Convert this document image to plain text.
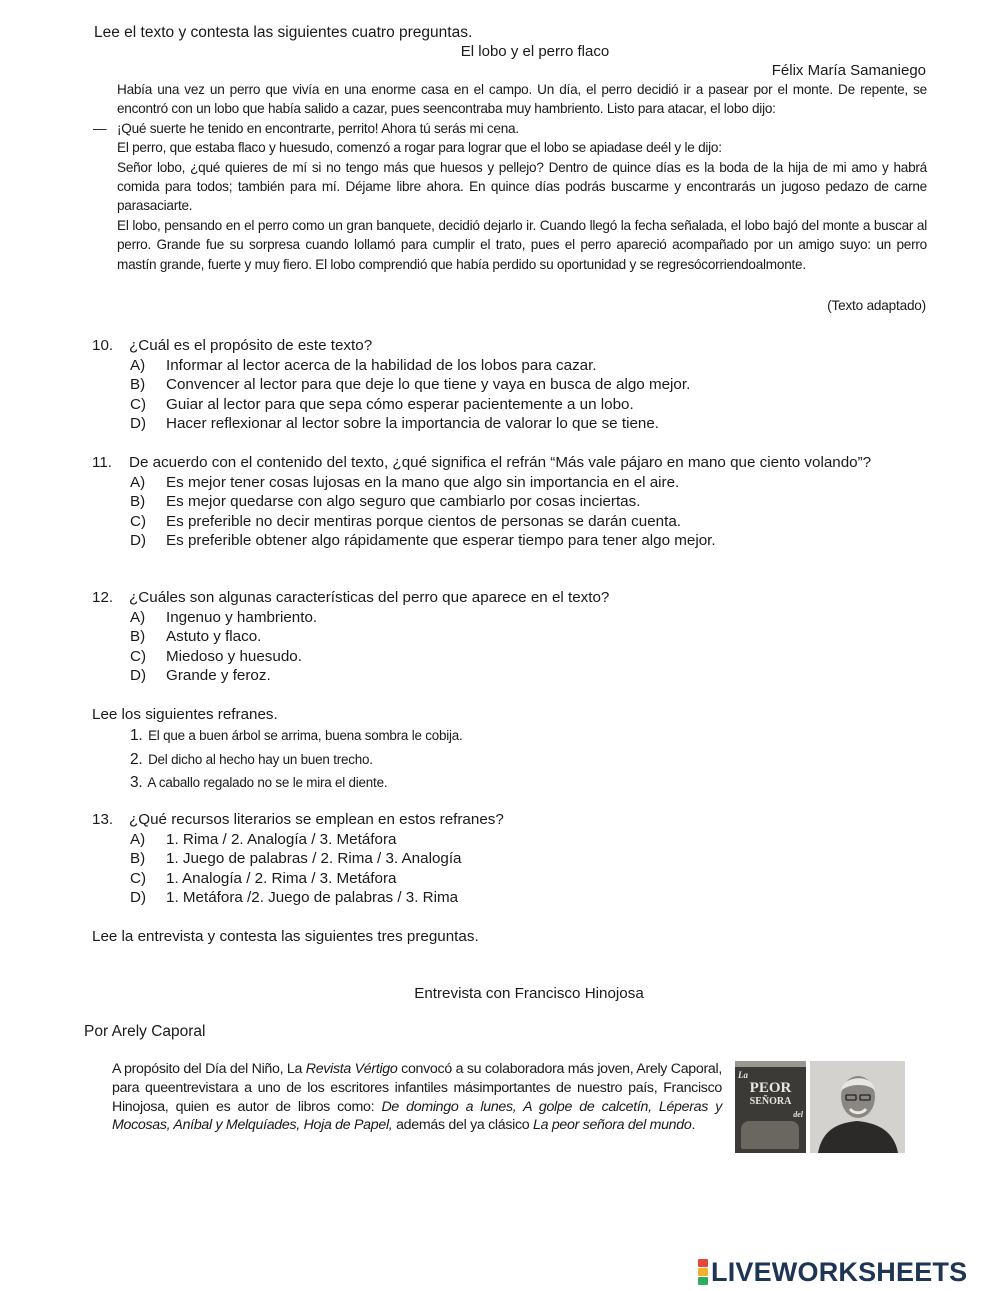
Lee el texto y contesta las siguientes cuatro preguntas.
El lobo y el perro flaco
Félix María Samaniego

Había una vez un perro que vivía en una enorme casa en el campo. Un día, el perro decidió ir a pasear por el monte. De repente, se encontró con un lobo que había salido a cazar, pues seencontraba muy hambriento. Listo para atacar, el lobo dijo:

— ¡Qué suerte he tenido en encontrarte, perrito! Ahora tú serás mi cena.

El perro, que estaba flaco y huesudo, comenzó a rogar para lograr que el lobo se apiadase deél y le dijo:

Señor lobo, ¿qué quieres de mí si no tengo más que huesos y pellejo? Dentro de quince días es la boda de la hija de mi amo y habrá comida para todos; también para mí. Déjame libre ahora. En quince días podrás buscarme y encontrarás un jugoso pedazo de carne parasaciarte.

El lobo, pensando en el perro como un gran banquete, decidió dejarlo ir. Cuando llegó la fecha señalada, el lobo bajó del monte a buscar al perro. Grande fue su sorpresa cuando lollamó para cumplir el trato, pues el perro apareció acompañado por un amigo suyo: un perro mastín grande, fuerte y muy fiero. El lobo comprendió que había perdido su oportunidad y se regresócorriendoalmonte.

(Texto adaptado)
10.	¿Cuál es el propósito de este texto?
A)	Informar al lector acerca de la habilidad de los lobos para cazar.
B)	Convencer al lector para que deje lo que tiene y vaya en busca de algo mejor.
C)	Guiar al lector para que sepa cómo esperar pacientemente a un lobo.
D)	Hacer reflexionar al lector sobre la importancia de valorar lo que se tiene.
11.	De acuerdo con el contenido del texto, ¿qué significa el refrán “Más vale pájaro en mano que ciento volando”?
A)	Es mejor tener cosas lujosas en la mano que algo sin importancia en el aire.
B)	Es mejor quedarse con algo seguro que cambiarlo por cosas inciertas.
C)	Es preferible no decir mentiras porque cientos de personas se darán cuenta.
D)	Es preferible obtener algo rápidamente que esperar tiempo para tener algo mejor.
12.	¿Cuáles son algunas características del perro que aparece en el texto?
A)	Ingenuo y hambriento.
B)	Astuto y flaco.
C)	Miedoso y huesudo.
D)	Grande y feroz.
Lee los siguientes refranes.
1. El que a buen árbol se arrima, buena sombra le cobija.
2. Del dicho al hecho hay un buen trecho.
3. A caballo regalado no se le mira el diente.
13.	¿Qué recursos literarios se emplean en estos refranes?
A)	1. Rima / 2. Analogía / 3. Metáfora
B)	1. Juego de palabras / 2. Rima / 3. Analogía
C)	1. Analogía / 2. Rima / 3. Metáfora
D)	1. Metáfora /2. Juego de palabras / 3. Rima
Lee la entrevista y contesta las siguientes tres preguntas.
Entrevista con Francisco Hinojosa
Por Arely Caporal
A propósito del Día del Niño, La Revista Vértigo convocó a su colaboradora más joven, Arely Caporal, para queentrevistara a uno de los escritores infantiles másimportantes de nuestro país, Francisco Hinojosa, quien es autor de libros como: De domingo a lunes, A golpe de calcetín, Léperas y Mocosas, Aníbal y Melquíades, Hoja de Papel, además del ya clásico La peor señora del mundo.
La
PEOR
SEÑORA
del
LIVEWORKSHEETS
